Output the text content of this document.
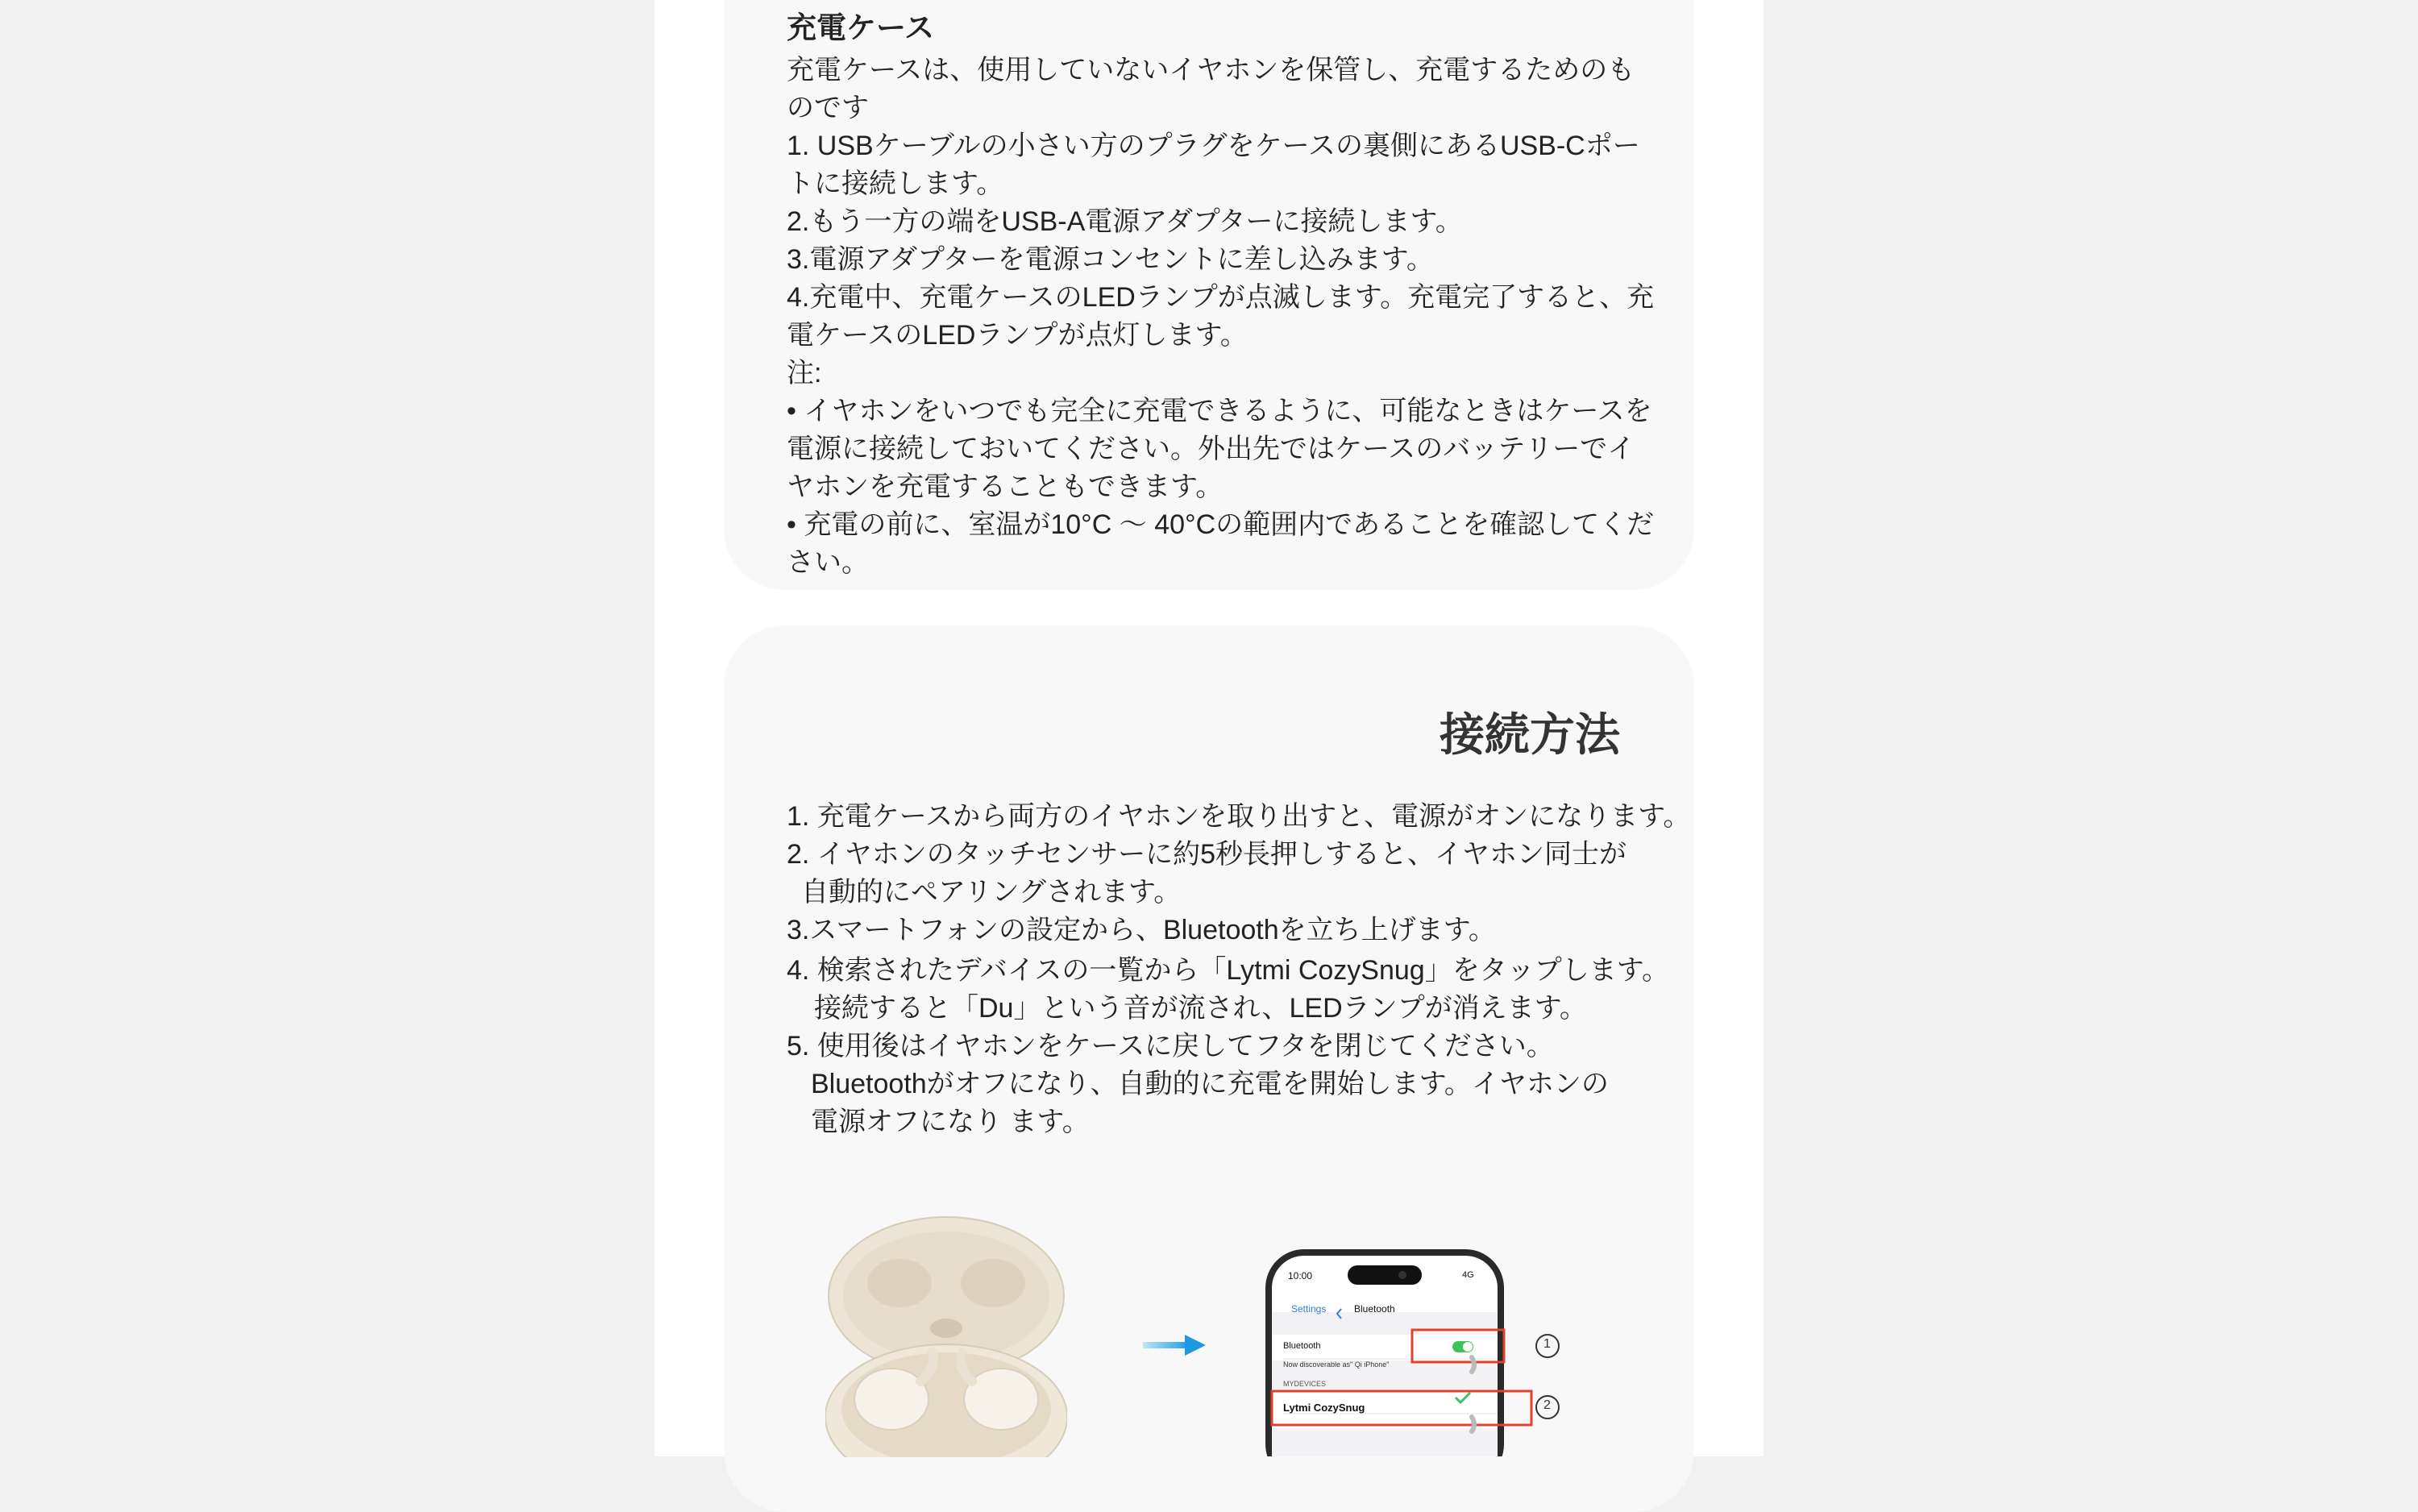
充電ケース

充電ケースは、使用していないイヤホンを保管し、充電するためのも

のです

1. USBケーブルの小さい方のプラグをケースの裏側にあるUSB-Cポー

トに接続します。

2.もう一方の端をUSB-A電源アダプターに接続します。

3.電源アダプターを電源コンセントに差し込みます。

4.充電中、充電ケースのLEDランプが点滅します。充電完了すると、充

電ケースのLEDランプが点灯します。

注:

• イヤホンをいつでも完全に充電できるように、可能なときはケースを

電源に接続しておいてください。外出先ではケースのバッテリーでイ

ヤホンを充電することもできます。

• 充電の前に、室温が10°C 〜 40°Cの範囲内であることを確認してくだ

さい。

接続方法

1. 充電ケースから両方のイヤホンを取り出すと、電源がオンになります。

2. イヤホンのタッチセンサーに約5秒長押しすると、イヤホン同士が

自動的にペアリングされます。

3.スマートフォンの設定から、Bluetoothを立ち上げます。

4. 検索されたデバイスの一覧から「Lytmi CozySnug」をタップします。

接続すると「Du」という音が流され、LEDランプが消えます。

5. 使用後はイヤホンをケースに戻してフタを閉じてください。

Bluetoothがオフになり、自動的に充電を開始します。イヤホンの

電源オフになり ます。

10:00	4G
Settings	Bluetooth
Bluetooth
Now discoverable as" Qi iPhone"
MYDEVICES
Lytmi CozySnug
1
2
